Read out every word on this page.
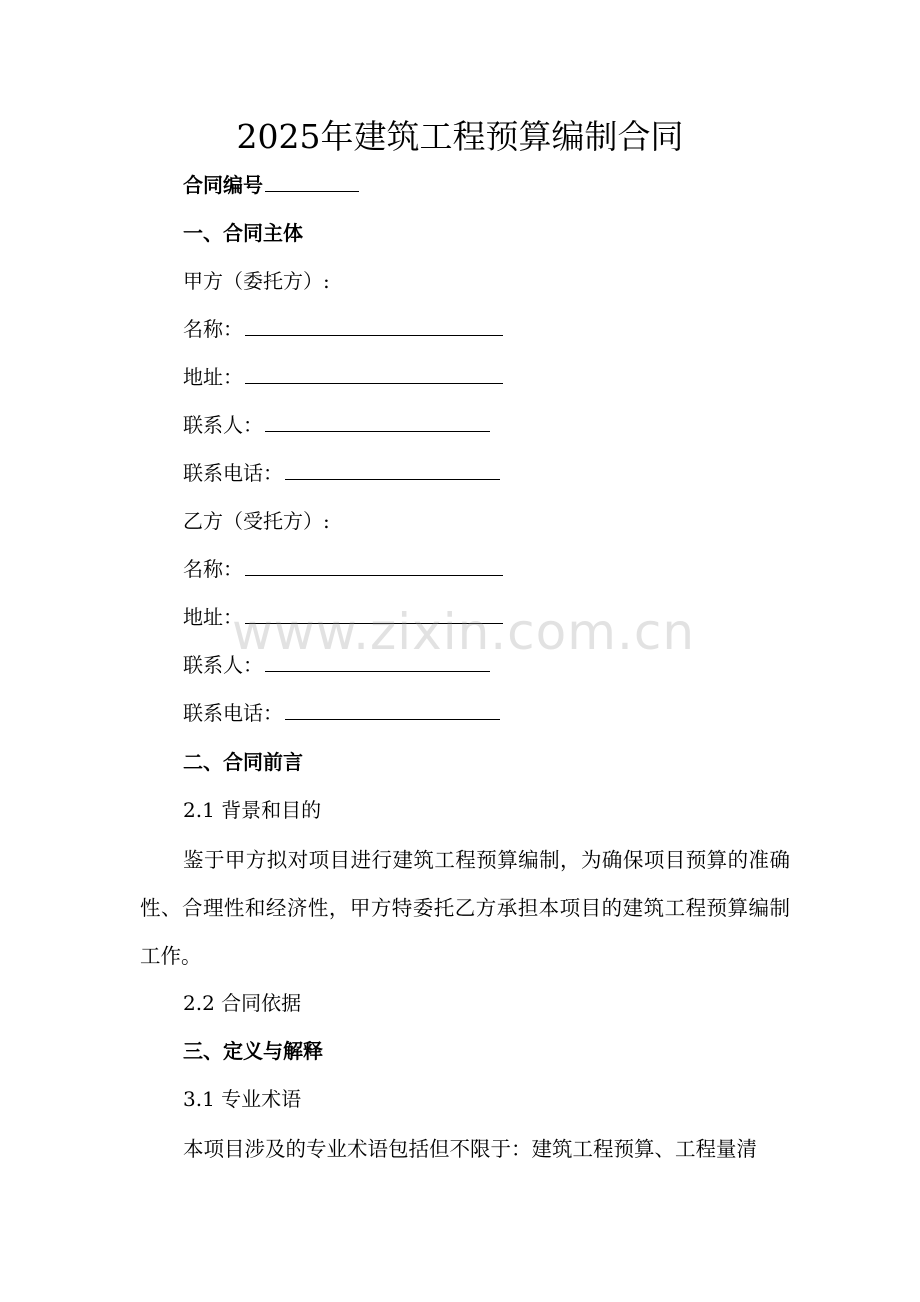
2025年建筑工程预算编制合同
合同编号
一、合同主体
甲方（委托方）:
名称：
地址：
联系人：
联系电话：
乙方（受托方）:
名称：
地址：
联系人：
联系电话：
二、合同前言
2.1 背景和目的

鉴于甲方拟对项目进行建筑工程预算编制，为确保项目预算的准确性、合理性和经济性，甲方特委托乙方承担本项目的建筑工程预算编制工作。

2.2 合同依据
三、定义与解释
3.1 专业术语

本项目涉及的专业术语包括但不限于：建筑工程预算、工程量清

www.zixin.com.cn
